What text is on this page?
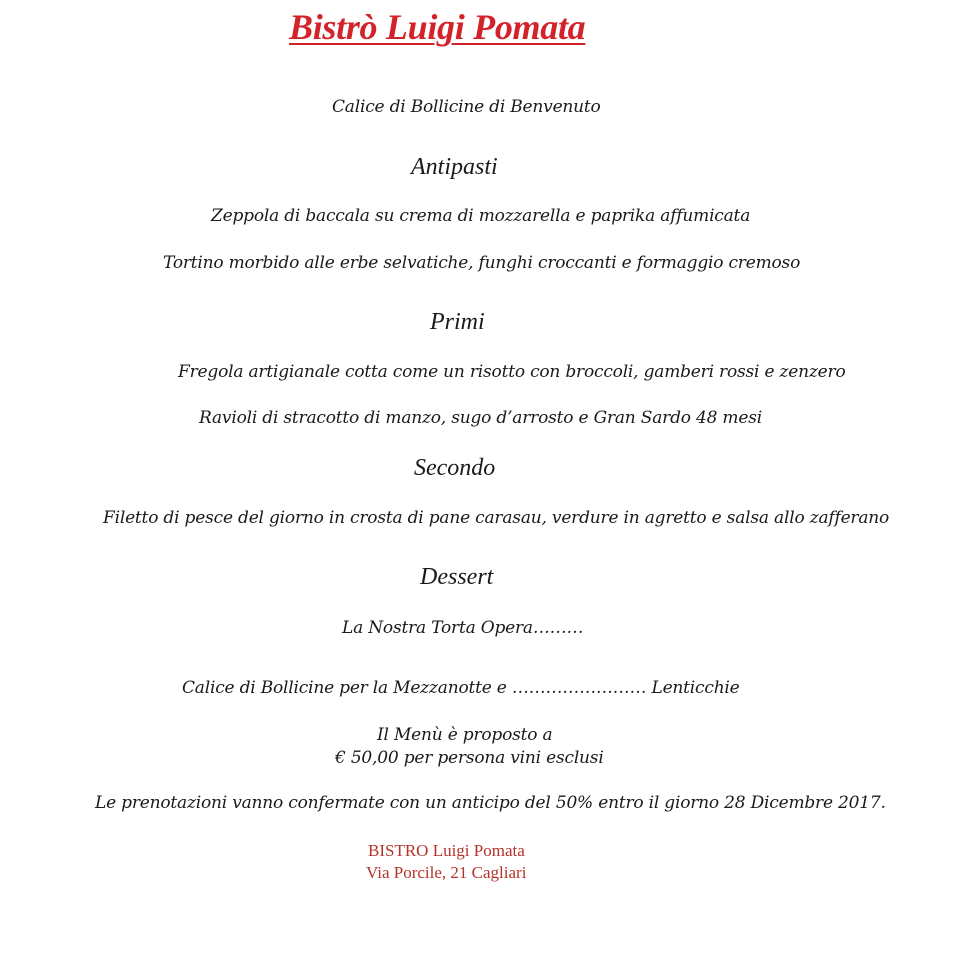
Bistrò Luigi Pomata
Calice di Bollicine di Benvenuto
Antipasti
Zeppola di baccala su crema di mozzarella e paprika affumicata
Tortino morbido alle erbe selvatiche, funghi croccanti e formaggio cremoso
Primi
Fregola artigianale cotta come un risotto con broccoli, gamberi rossi e zenzero
Ravioli di stracotto di manzo, sugo d’arrosto e Gran Sardo 48 mesi
Secondo
Filetto di pesce del giorno in crosta di pane carasau, verdure in agretto e salsa allo zafferano
Dessert
La Nostra Torta Opera………
Calice di Bollicine per la Mezzanotte e …………………… Lenticchie
Il Menù è proposto a
€ 50,00 per persona vini esclusi
Le prenotazioni vanno confermate con un anticipo del 50% entro il giorno 28 Dicembre 2017.
BISTRO Luigi Pomata
Via Porcile, 21 Cagliari
